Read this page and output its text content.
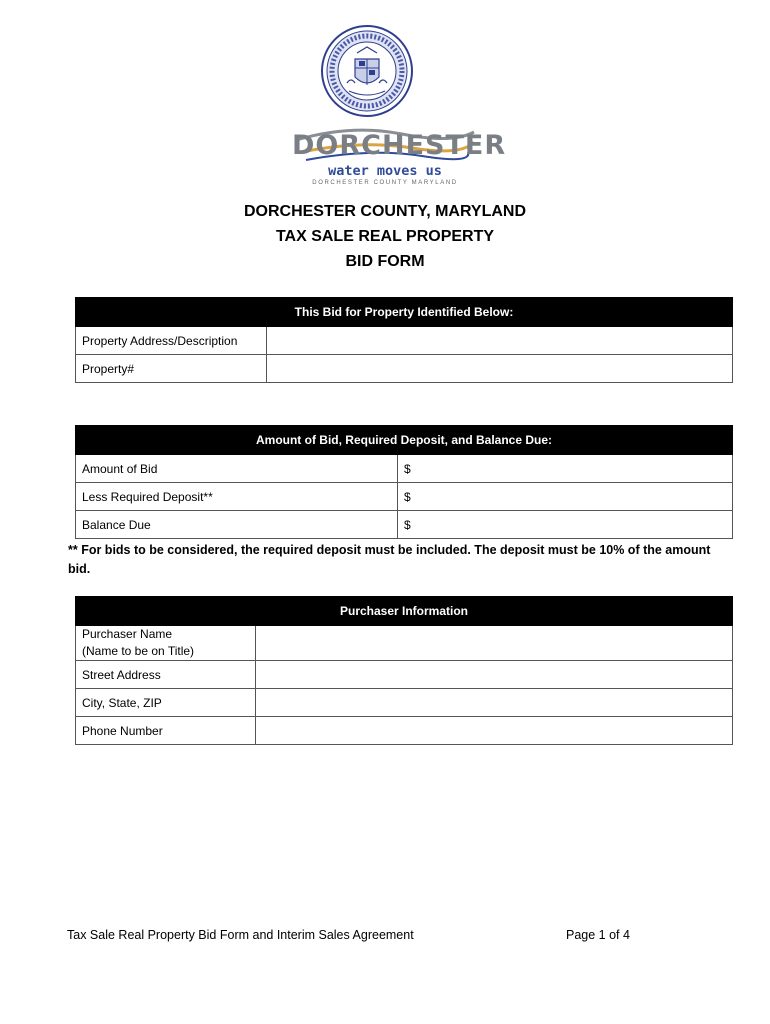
DORCHESTER
water moves us
DORCHESTER COUNTY MARYLAND
DORCHESTER COUNTY, MARYLAND
TAX SALE REAL PROPERTY
BID FORM
This Bid for Property Identified Below:	
Property Address/Description	
Property#	
Amount of Bid, Required Deposit, and Balance Due:	
Amount of Bid	$
Less Required Deposit**	$
Balance Due	$
** For bids to be considered, the required deposit must be included. The deposit must be 10% of the amount bid.
Purchaser Information	

Purchaser Name
(Name to be on Title)	

Street Address	
City, State, ZIP	
Phone Number	
Tax Sale Real Property Bid Form and Interim Sales Agreement	Page 1 of 4
